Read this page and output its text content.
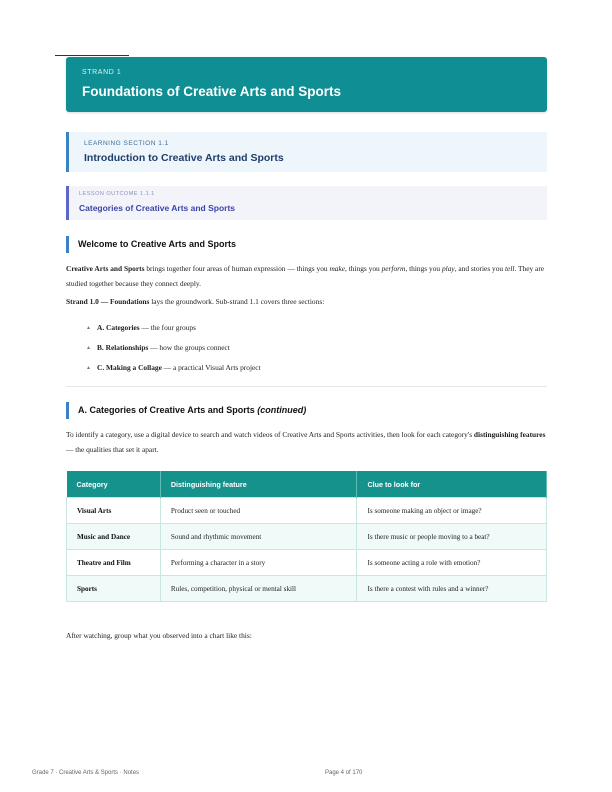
STRAND 1
Foundations of Creative Arts and Sports
LEARNING SECTION 1.1
Introduction to Creative Arts and Sports
LESSON OUTCOME 1.1.1
Categories of Creative Arts and Sports
Welcome to Creative Arts and Sports
Creative Arts and Sports brings together four areas of human expression — things you make, things you perform, things you play, and stories you tell. They are studied together because they connect deeply.
Strand 1.0 — Foundations lays the groundwork. Sub-strand 1.1 covers three sections:
▲ A. Categories — the four groups
▲ B. Relationships — how the groups connect
▲ C. Making a Collage — a practical Visual Arts project
A. Categories of Creative Arts and Sports (continued)
To identify a category, use a digital device to search and watch videos of Creative Arts and Sports activities, then look for each category's distinguishing features — the qualities that set it apart.
Category	Distinguishing feature	Clue to look for
Visual Arts	Product seen or touched	Is someone making an object or image?
Music and Dance	Sound and rhythmic movement	Is there music or people moving to a beat?
Theatre and Film	Performing a character in a story	Is someone acting a role with emotion?
Sports	Rules, competition, physical or mental skill	Is there a contest with rules and a winner?
After watching, group what you observed into a chart like this:
Grade 7 · Creative Arts & Sports · Notes	Page 4 of 170
